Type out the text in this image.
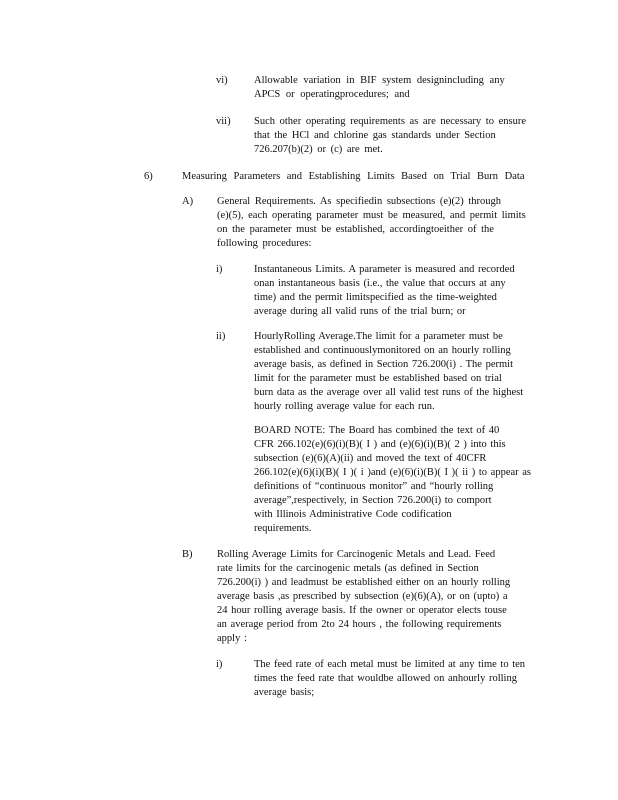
vi)	Allowable variation in BIF system designincluding any

APCS or operatingprocedures; and

vii) Such other operating requirements as are necessary to ensure

that the HCl and chlorine gas standards under Section

726.207(b)(2) or (c) are met.

6)	Measuring Parameters and Establishing Limits Based on Trial Burn Data
A) General Requirements. As specifiedin subsections (e)(2) through

(e)(5), each operating parameter must be measured, and permit limits

on the parameter must be established, accordingtoeither of the

following procedures:

i)	Instantaneous Limits. A parameter is measured and recorded

onan instantaneous basis (i.e., the value that occurs at any

time) and the permit limitspecified as the time-weighted

average during all valid runs of the trial burn; or

ii)	HourlyRolling Average.The limit for a parameter must be

established and continuouslymonitored on an hourly rolling

average basis, as defined in Section 726.200(i) . The permit

limit for the parameter must be established based on trial

burn data as the average over all valid test runs of the highest

hourly rolling average value for each run.

BOARD NOTE: The Board has combined the text of 40

CFR 266.102(e)(6)(i)(B)( I ) and (e)(6)(i)(B)( 2 ) into this

subsection (e)(6)(A)(ii) and moved the text of 40CFR

266.102(e)(6)(i)(B)( I )( i )and (e)(6)(i)(B)( I )( ii ) to appear as

definitions of “continuous monitor” and “hourly rolling

average”,respectively, in Section 726.200(i) to comport

with Illinois Administrative Code codification

requirements.

B) Rolling Average Limits for Carcinogenic Metals and Lead. Feed

rate limits for the carcinogenic metals (as defined in Section

726.200(i) ) and leadmust be established either on an hourly rolling

average basis ,as prescribed by subsection (e)(6)(A), or on (upto) a

24 hour rolling average basis. If the owner or operator elects touse

an average period from 2to 24 hours , the following requirements

apply :

i)	The feed rate of each metal must be limited at any time to ten

times the feed rate that wouldbe allowed on anhourly rolling

average basis;
